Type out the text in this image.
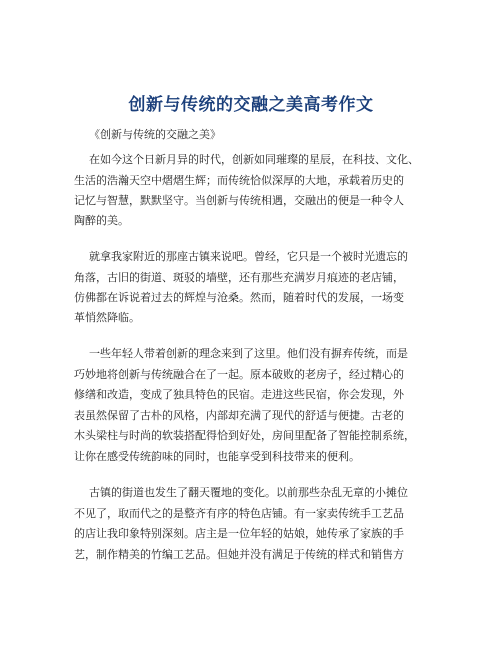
创新与传统的交融之美高考作文
《创新与传统的交融之美》
在如今这个日新月异的时代，创新如同璀璨的星辰，在科技、文化、
生活的浩瀚天空中熠熠生辉；而传统恰似深厚的大地，承载着历史的
记忆与智慧，默默坚守。当创新与传统相遇，交融出的便是一种令人
陶醉的美。
就拿我家附近的那座古镇来说吧。曾经，它只是一个被时光遗忘的
角落，古旧的街道、斑驳的墙壁，还有那些充满岁月痕迹的老店铺，
仿佛都在诉说着过去的辉煌与沧桑。然而，随着时代的发展，一场变
革悄然降临。
一些年轻人带着创新的理念来到了这里。他们没有摒弃传统，而是
巧妙地将创新与传统融合在了一起。原本破败的老房子，经过精心的
修缮和改造，变成了独具特色的民宿。走进这些民宿，你会发现，外
表虽然保留了古朴的风格，内部却充满了现代的舒适与便捷。古老的
木头梁柱与时尚的软装搭配得恰到好处，房间里配备了智能控制系统，
让你在感受传统韵味的同时，也能享受到科技带来的便利。
古镇的街道也发生了翻天覆地的变化。以前那些杂乱无章的小摊位
不见了，取而代之的是整齐有序的特色店铺。有一家卖传统手工艺品
的店让我印象特别深刻。店主是一位年轻的姑娘，她传承了家族的手
艺，制作精美的竹编工艺品。但她并没有满足于传统的样式和销售方
